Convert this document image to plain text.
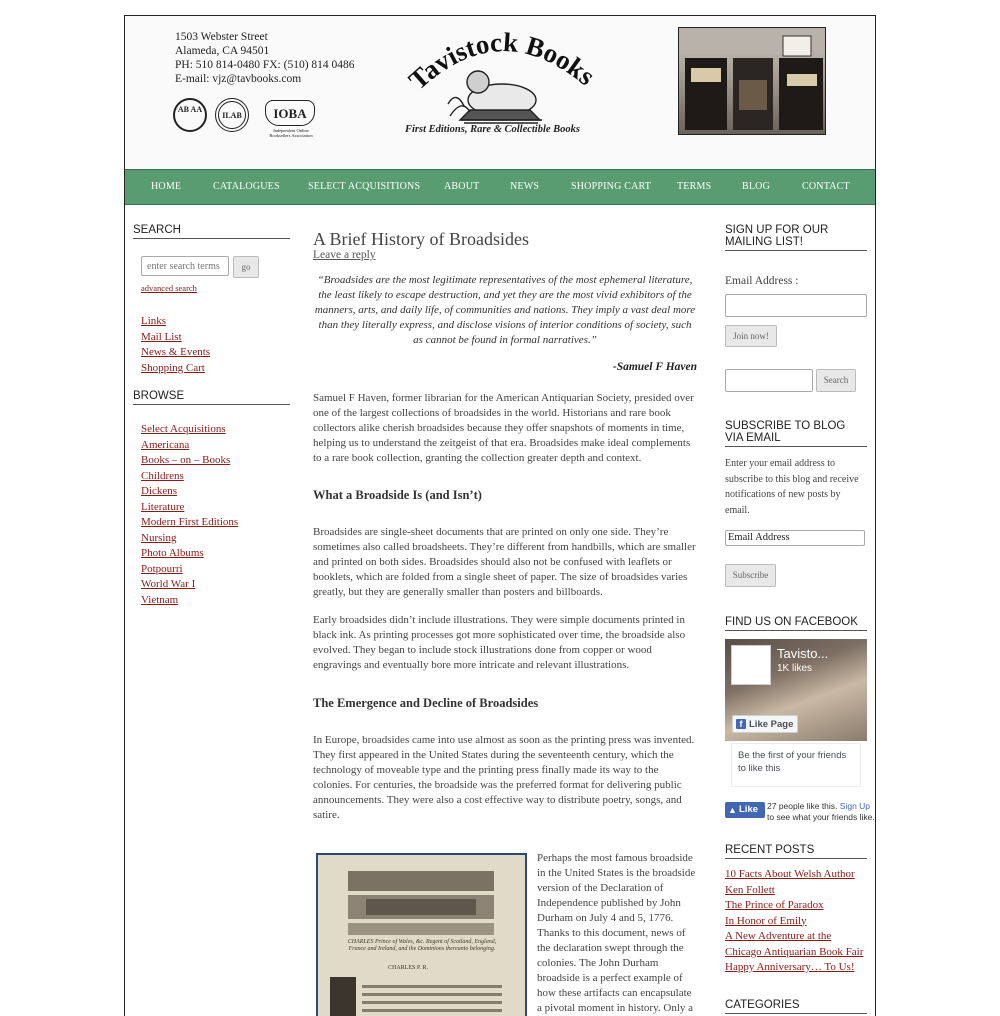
1503 Webster Street
Alameda, CA 94501
PH: 510 814-0480 FX: (510) 814 0486
E-mail: vjz@tavbooks.com
AB AA
ILAB	IOBA
Independent Online Booksellers Association
Tavistock Books
First Editions, Rare & Collectible Books
HOME	CATALOGUES	SELECT ACQUISITIONS ABOUT	NEWS	SHOPPING CART	TERMS	BLOG	CONTACT
SEARCH
enter search terms	go
advanced search
Links
Mail List
News & Events
Shopping Cart
BROWSE
Select Acquisitions
Americana
Books – on – Books
Childrens
Dickens
Literature
Modern First Editions
Nursing
Photo Albums
Potpourri
World War I
Vietnam
A Brief History of Broadsides
Leave a reply
“Broadsides are the most legitimate representatives of the most ephemeral literature, the least likely to escape destruction, and yet they are the most vivid exhibitors of the manners, arts, and daily life, of communities and nations. They imply a vast deal more than they literally express, and disclose visions of interior conditions of society, such as cannot be found in formal narratives.”
-Samuel F Haven
Samuel F Haven, former librarian for the American Antiquarian Society, presided over one of the largest collections of broadsides in the world. Historians and rare book collectors alike cherish broadsides because they offer snapshots of moments in time, helping us to understand the zeitgeist of that era. Broadsides make ideal complements to a rare book collection, granting the collection greater depth and context.
What a Broadside Is (and Isn’t)
Broadsides are single-sheet documents that are printed on only one side. They’re sometimes also called broadsheets. They’re different from handbills, which are smaller and printed on both sides. Broadsides should also not be confused with leaflets or booklets, which are folded from a single sheet of paper. The size of broadsides varies greatly, but they are generally smaller than posters and billboards.
Early broadsides didn’t include illustrations. They were simple documents printed in black ink. As printing processes got more sophisticated over time, the broadside also evolved. They began to include stock illustrations done from copper or wood engravings and eventually bore more intricate and relevant illustrations.
The Emergence and Decline of Broadsides
In Europe, broadsides came into use almost as soon as the printing press was invented. They first appeared in the United States during the seventeenth century, which the technology of moveable type and the printing press finally made its way to the colonies. For centuries, the broadside was the preferred format for delivering public announcements. They were also a cost effective way to distribute poetry, songs, and satire.
CHARLES Prince of Wales, &c. Regent of Scotland, England, France and Ireland, and the Dominions thereunto belonging.
CHARLES P. R.
Perhaps the most famous broadside in the United States is the broadside version of the Declaration of Independence published by John Durham on July 4 and 5, 1776. Thanks to this document, news of the declaration swept through the colonies. The John Durham broadside is a perfect example of how these artifacts can encapsulate a pivotal moment in history. Only a
SIGN UP FOR OUR MAILING LIST!
Email Address :
Join now!
Search
SUBSCRIBE TO BLOG VIA EMAIL
Enter your email address to subscribe to this blog and receive notifications of new posts by email.
Email Address
Subscribe
FIND US ON FACEBOOK
Tavisto...
1K likes
f Like Page
Be the first of your friends to like this
▲ Like	27 people like this. Sign Up to see what your friends like.
RECENT POSTS
10 Facts About Welsh Author Ken Follett
The Prince of Paradox
In Honor of Emily
A New Adventure at the Chicago Antiquarian Book Fair
Happy Anniversary… To Us!
CATEGORIES
